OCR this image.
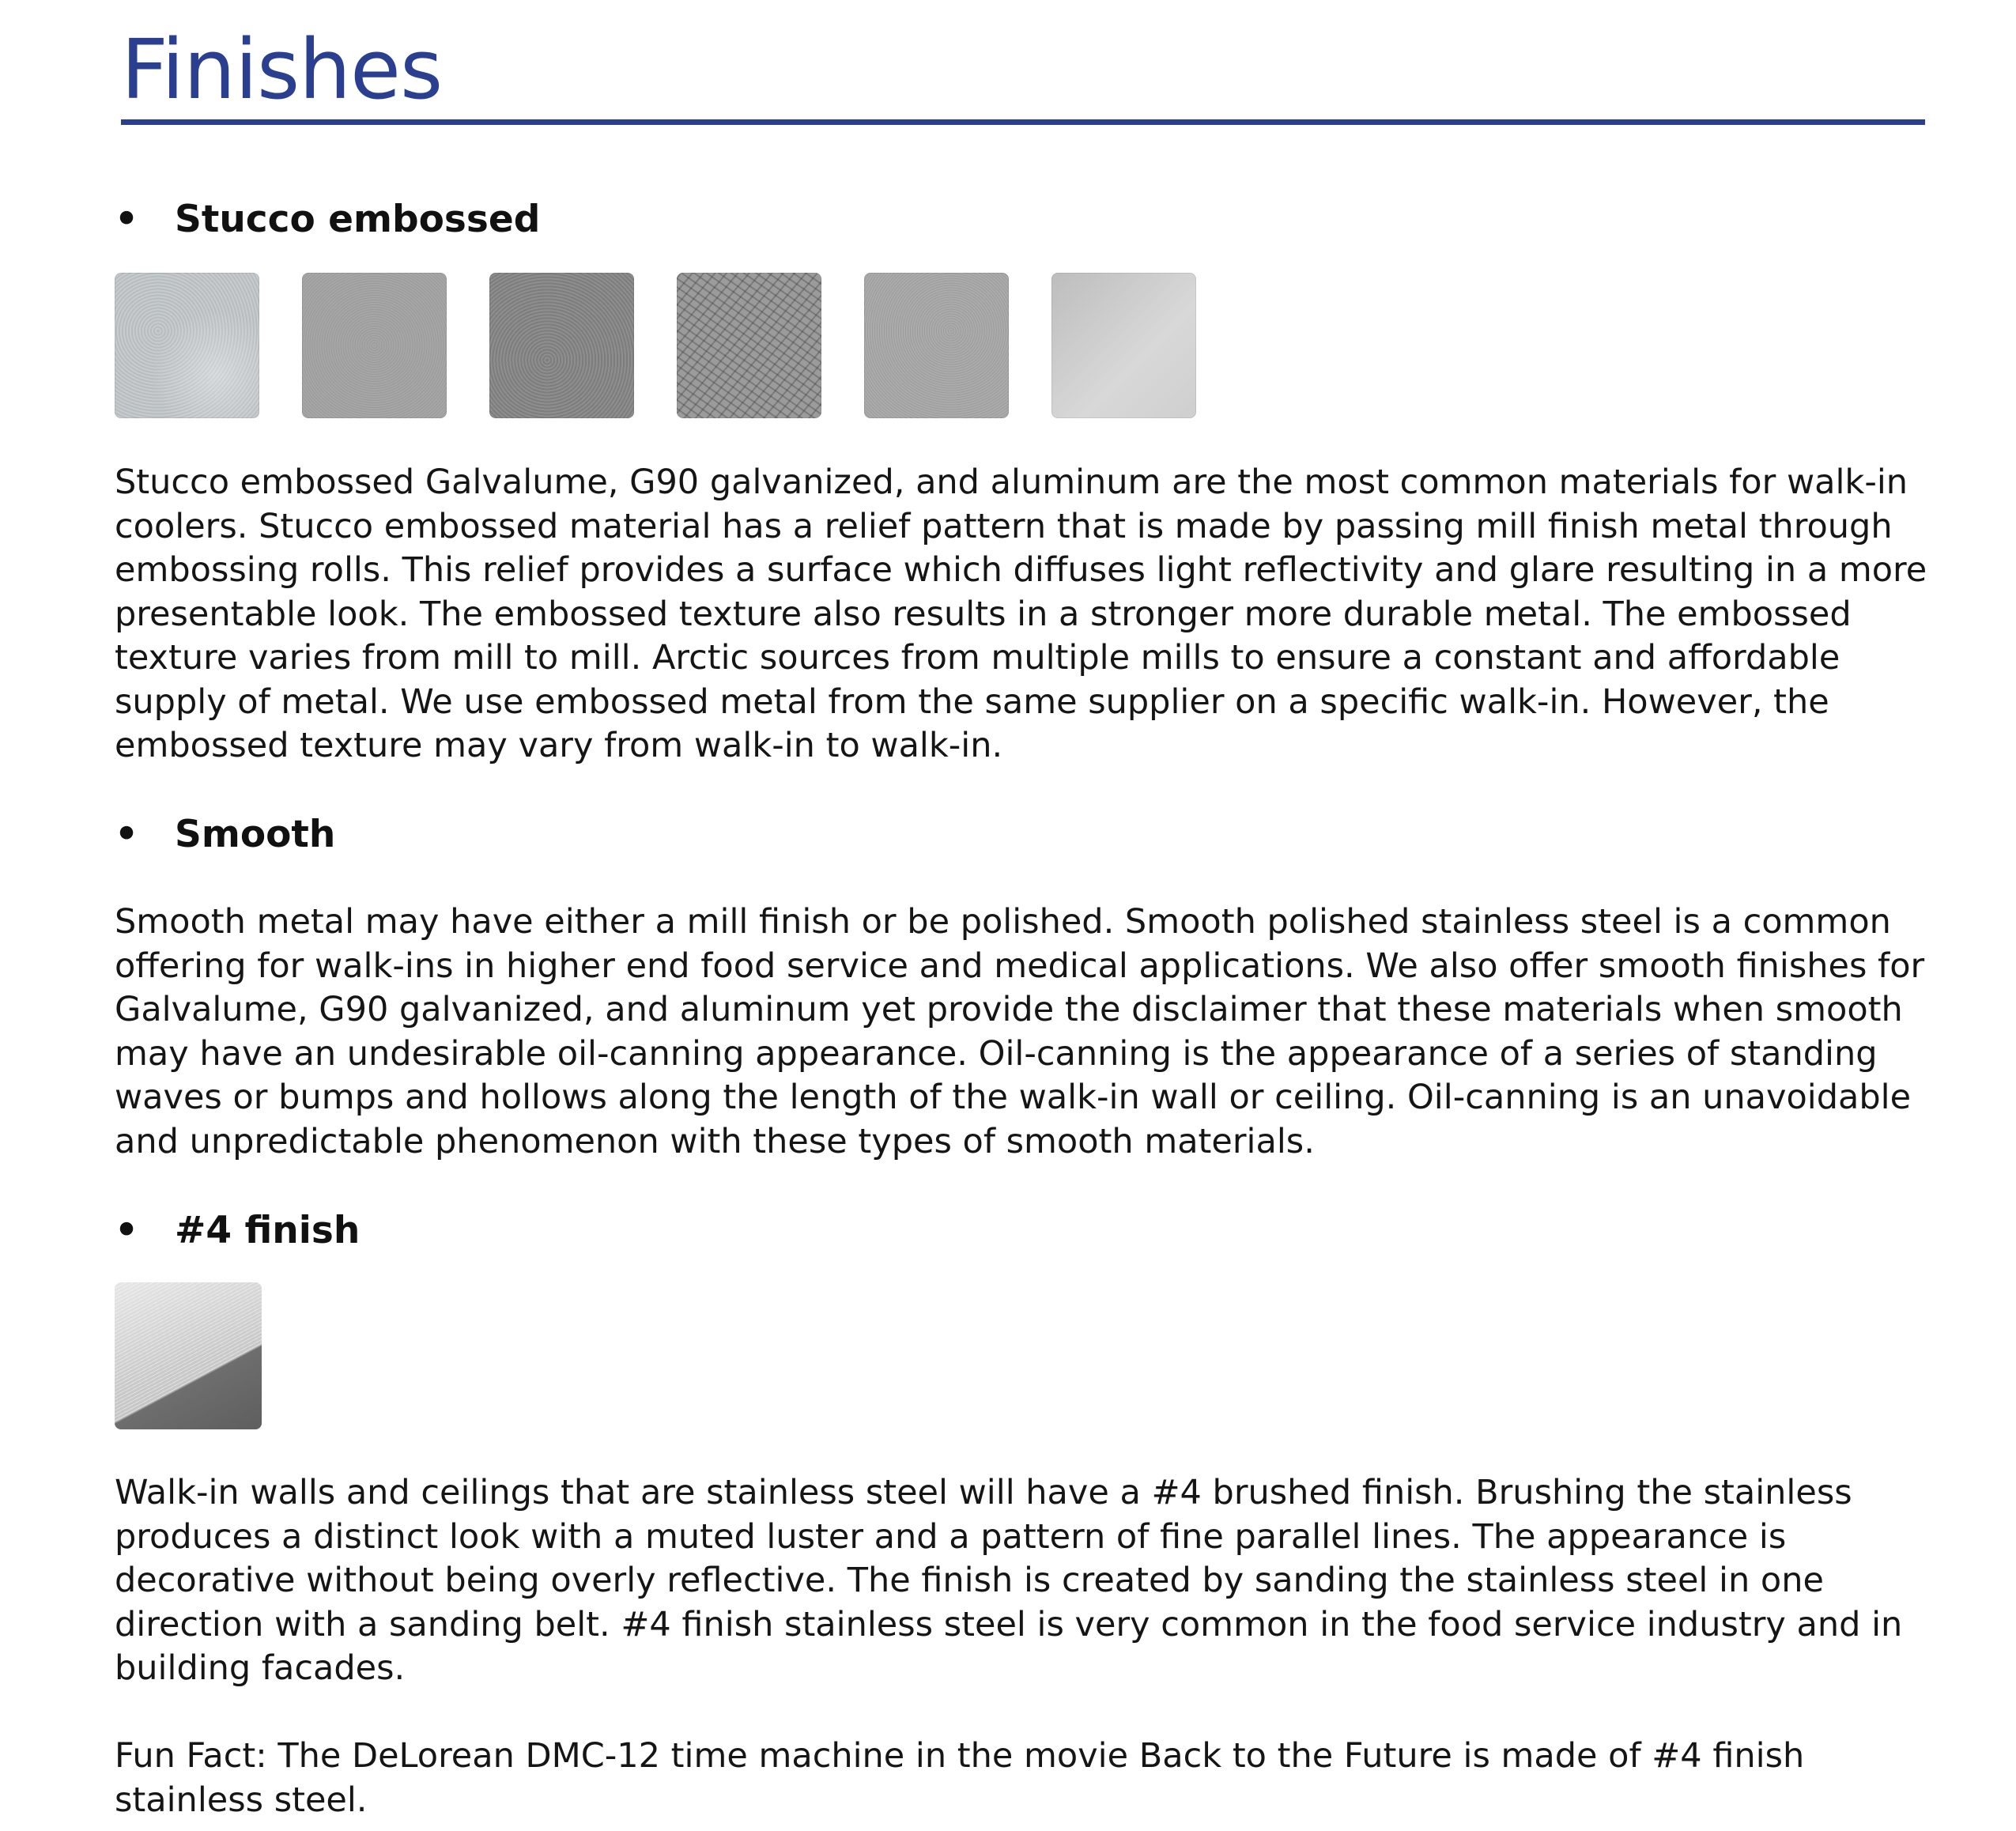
Finishes
• Stucco embossed

Stucco embossed Galvalume, G90 galvanized, and aluminum are the most common materials for walk-in coolers. Stucco embossed material has a relief pattern that is made by passing mill finish metal through embossing rolls. This relief provides a surface which diffuses light reflectivity and glare resulting in a more presentable look. The embossed texture also results in a stronger more durable metal. The embossed texture varies from mill to mill. Arctic sources from multiple mills to ensure a constant and affordable supply of metal. We use embossed metal from the same supplier on a specific walk-in. However, the embossed texture may vary from walk-in to walk-in.

• Smooth

Smooth metal may have either a mill finish or be polished. Smooth polished stainless steel is a common offering for walk-ins in higher end food service and medical applications. We also offer smooth finishes for Galvalume, G90 galvanized, and aluminum yet provide the disclaimer that these materials when smooth may have an undesirable oil-canning appearance. Oil-canning is the appearance of a series of standing waves or bumps and hollows along the length of the walk-in wall or ceiling. Oil-canning is an unavoidable and unpredictable phenomenon with these types of smooth materials.

• #4 finish

Walk-in walls and ceilings that are stainless steel will have a #4 brushed finish. Brushing the stainless produces a distinct look with a muted luster and a pattern of fine parallel lines. The appearance is decorative without being overly reflective. The finish is created by sanding the stainless steel in one direction with a sanding belt. #4 finish stainless steel is very common in the food service industry and in building facades.

Fun Fact: The DeLorean DMC-12 time machine in the movie Back to the Future is made of #4 finish stainless steel.
